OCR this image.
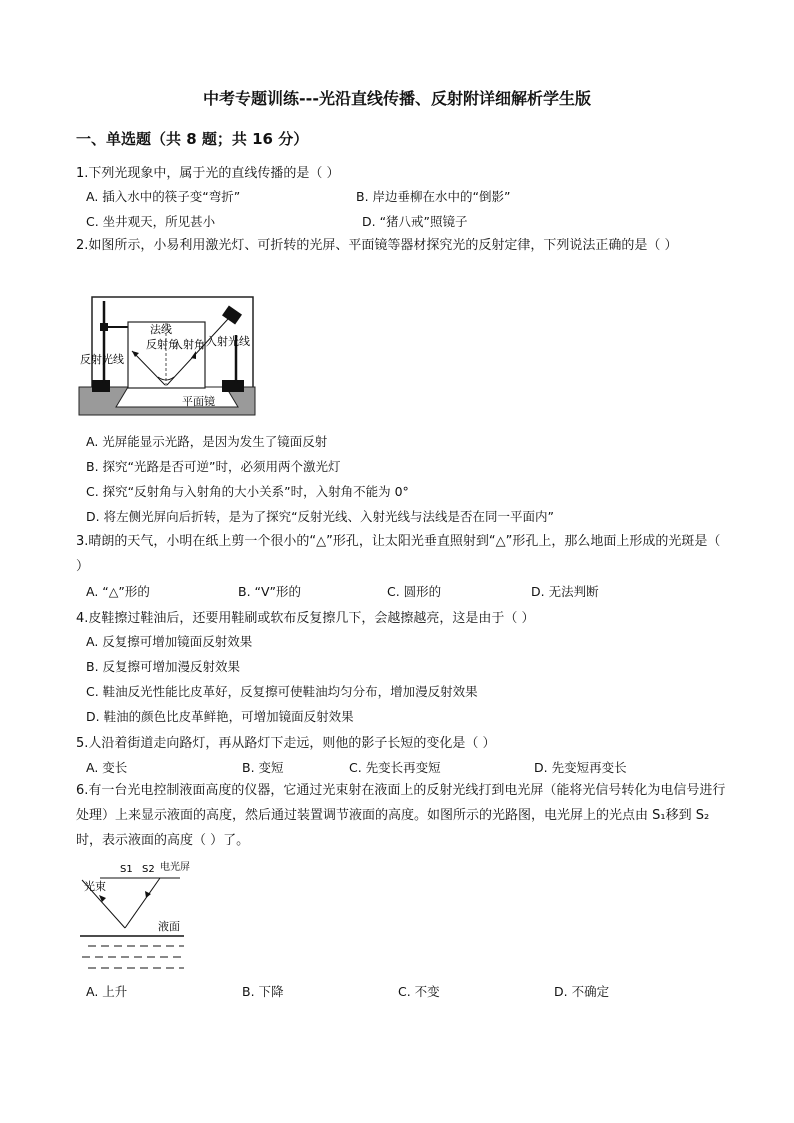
中考专题训练---光沿直线传播、反射附详细解析学生版
一、单选题（共 8 题；共 16 分）
1.下列光现象中，属于光的直线传播的是（ ）
A. 插入水中的筷子变“弯折”	B. 岸边垂柳在水中的“倒影”
C. 坐井观天，所见甚小	D. “猪八戒”照镜子
2.如图所示，小易利用激光灯、可折转的光屏、平面镜等器材探究光的反射定律，下列说法正确的是（ ）
法线
反射角
入射角 入射光线
反射光线
平面镜
A. 光屏能显示光路，是因为发生了镜面反射
B. 探究“光路是否可逆”时，必须用两个激光灯
C. 探究“反射角与入射角的大小关系”时，入射角不能为 0°
D. 将左侧光屏向后折转，是为了探究“反射光线、入射光线与法线是否在同一平面内”
3.晴朗的天气，小明在纸上剪一个很小的“△”形孔，让太阳光垂直照射到“△”形孔上，那么地面上形成的光斑是（ ）
A. “△”形的	B. “V”形的	C. 圆形的	D. 无法判断
4.皮鞋擦过鞋油后，还要用鞋刷或软布反复擦几下，会越擦越亮，这是由于（ ）
A. 反复擦可增加镜面反射效果
B. 反复擦可增加漫反射效果
C. 鞋油反光性能比皮革好，反复擦可使鞋油均匀分布，增加漫反射效果
D. 鞋油的颜色比皮革鲜艳，可增加镜面反射效果
5.人沿着街道走向路灯，再从路灯下走远，则他的影子长短的变化是（ ）
A. 变长	B. 变短	C. 先变长再变短	D. 先变短再变长
6.有一台光电控制液面高度的仪器，它通过光束射在液面上的反射光线打到电光屏（能将光信号转化为电信号进行处理）上来显示液面的高度，然后通过装置调节液面的高度。如图所示的光路图，电光屏上的光点由 S₁移到 S₂时，表示液面的高度（ ）了。
S1 S2 电光屏
光束
液面
A. 上升	B. 下降	C. 不变	D. 不确定
